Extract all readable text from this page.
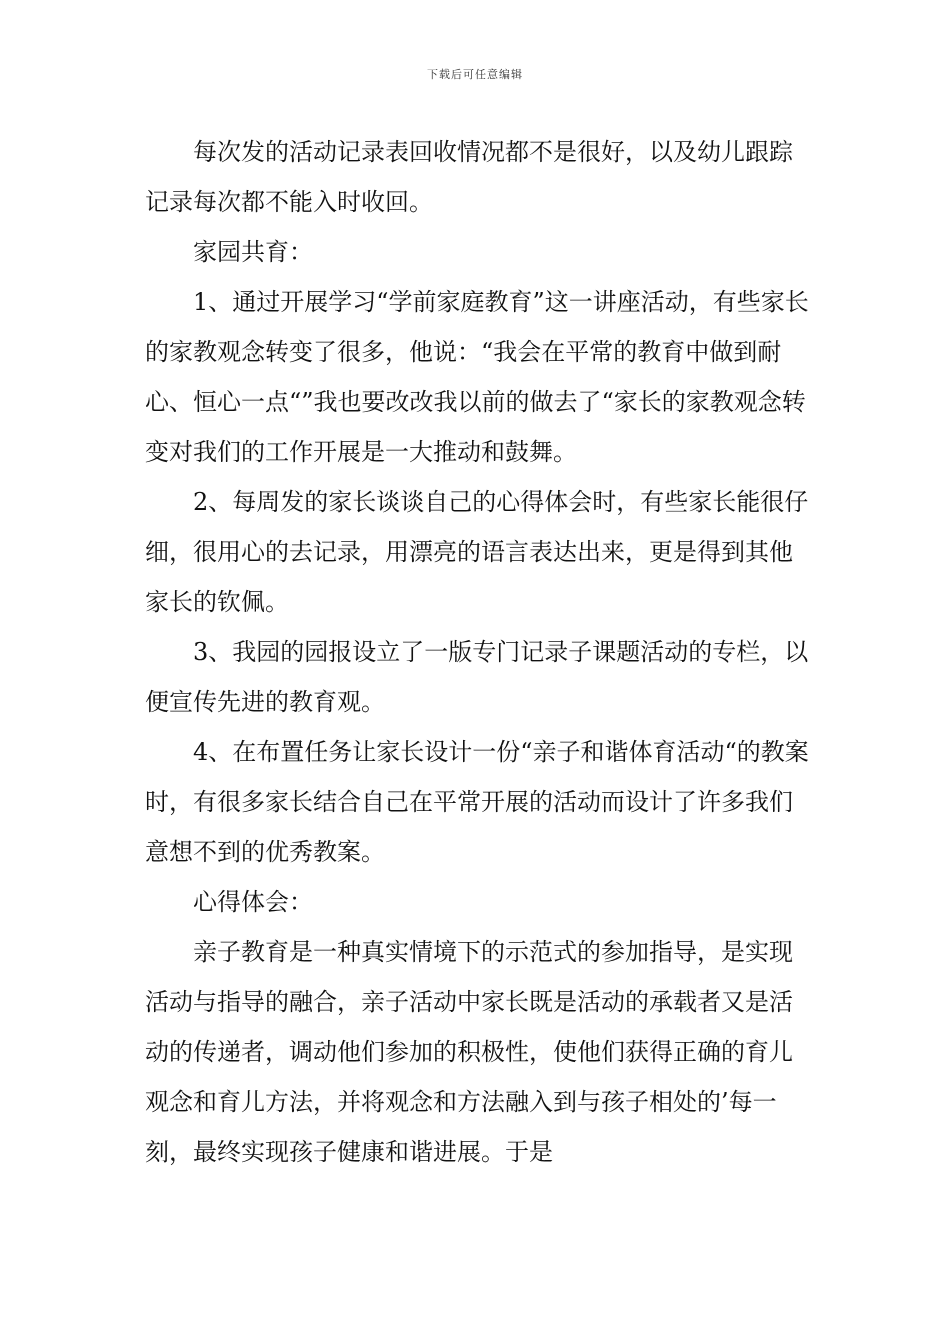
下载后可任意编辑

每次发的活动记录表回收情况都不是很好，以及幼儿跟踪记录每次都不能入时收回。

家园共育：

1、通过开展学习“学前家庭教育”这一讲座活动，有些家长的家教观念转变了很多，他说：“我会在平常的教育中做到耐心、恒心一点“”我也要改改我以前的做去了“家长的家教观念转变对我们的工作开展是一大推动和鼓舞。

2、每周发的家长谈谈自己的心得体会时，有些家长能很仔细，很用心的去记录，用漂亮的语言表达出来，更是得到其他家长的钦佩。

3、我园的园报设立了一版专门记录子课题活动的专栏，以便宣传先进的教育观。

4、在布置任务让家长设计一份“亲子和谐体育活动“的教案时，有很多家长结合自己在平常开展的活动而设计了许多我们意想不到的优秀教案。

心得体会：

亲子教育是一种真实情境下的示范式的参加指导，是实现活动与指导的融合，亲子活动中家长既是活动的承载者又是活动的传递者，调动他们参加的积极性，使他们获得正确的育儿观念和育儿方法，并将观念和方法融入到与孩子相处的’每一刻，最终实现孩子健康和谐进展。于是
